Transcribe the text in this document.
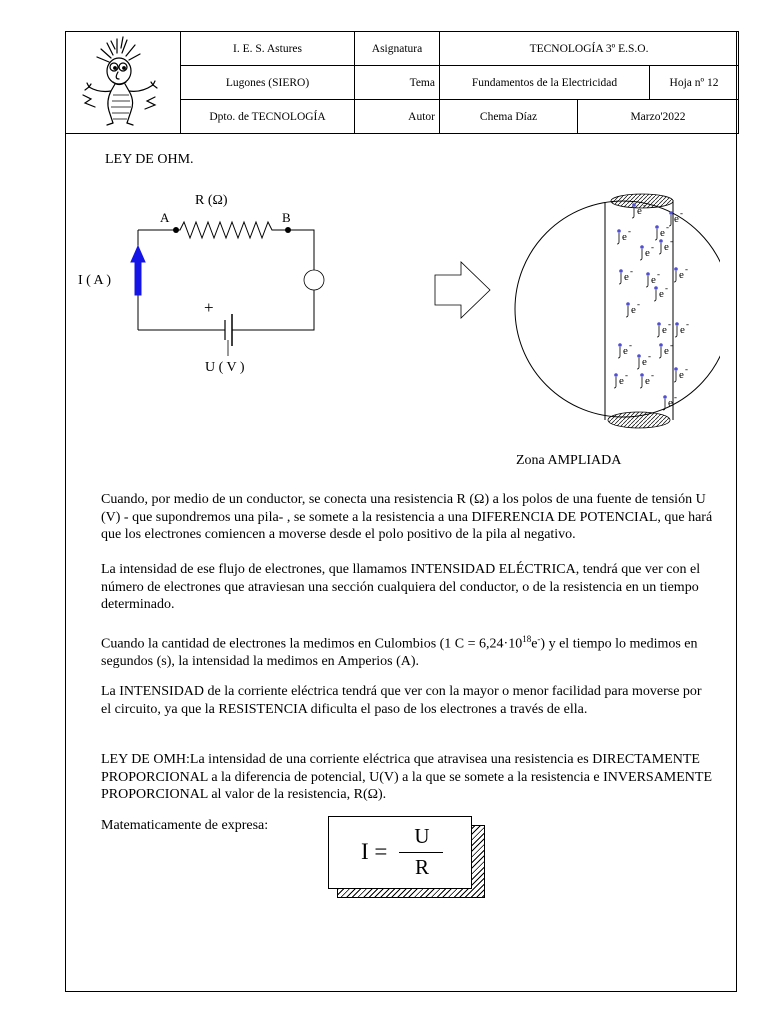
	I. E. S. Astures	Asignatura	TECNOLOGÍA 3º E.S.O.		
	Lugones (SIERO)	Tema	Fundamentos de la Electricidad		Hoja nº 12
	Dpto. de TECNOLOGÍA	Autor	Chema Díaz	Marzo'2022	
LEY DE OHM.
R (Ω)
A	B
I ( A )
+
U ( V )
e -
e -
e -	e -
e - e -
e -
e - e -
e -
e -
e -
e -
e -
e - e -
e - e - e -
e -
Zona AMPLIADA

Cuando, por medio de un conductor, se conecta una resistencia R (Ω) a los polos de una fuente de tensión U (V) - que supondremos una pila- , se somete a la resistencia a una DIFERENCIA DE POTENCIAL, que hará que los electrones comiencen a moverse desde el polo positivo de la pila al negativo.

La intensidad de ese flujo de electrones, que llamamos INTENSIDAD ELÉCTRICA, tendrá que ver con el número de electrones que atraviesan una sección cualquiera del conductor, o de la resistencia en un tiempo determinado.

Cuando la cantidad de electrones la medimos en Culombios (1 $C = 6,24\cdot 10^{18}e^-$) y el tiempo lo medimos en segundos (s), la intensidad la medimos en Amperios (A).

La INTENSIDAD de la corriente eléctrica tendrá que ver con la mayor o menor facilidad para moverse por el circuito, ya que la RESISTENCIA dificulta el paso de los electrones a través de ella.

LEY DE OMH:La intensidad de una corriente eléctrica que atravisea una resistencia es DIRECTAMENTE PROPORCIONAL a la diferencia de potencial, U(V) a la que se somete a la resistencia e INVERSAMENTE PROPORCIONAL al valor de la resistencia, R(Ω).

Matematicamente de expresa:
I =
U
R
